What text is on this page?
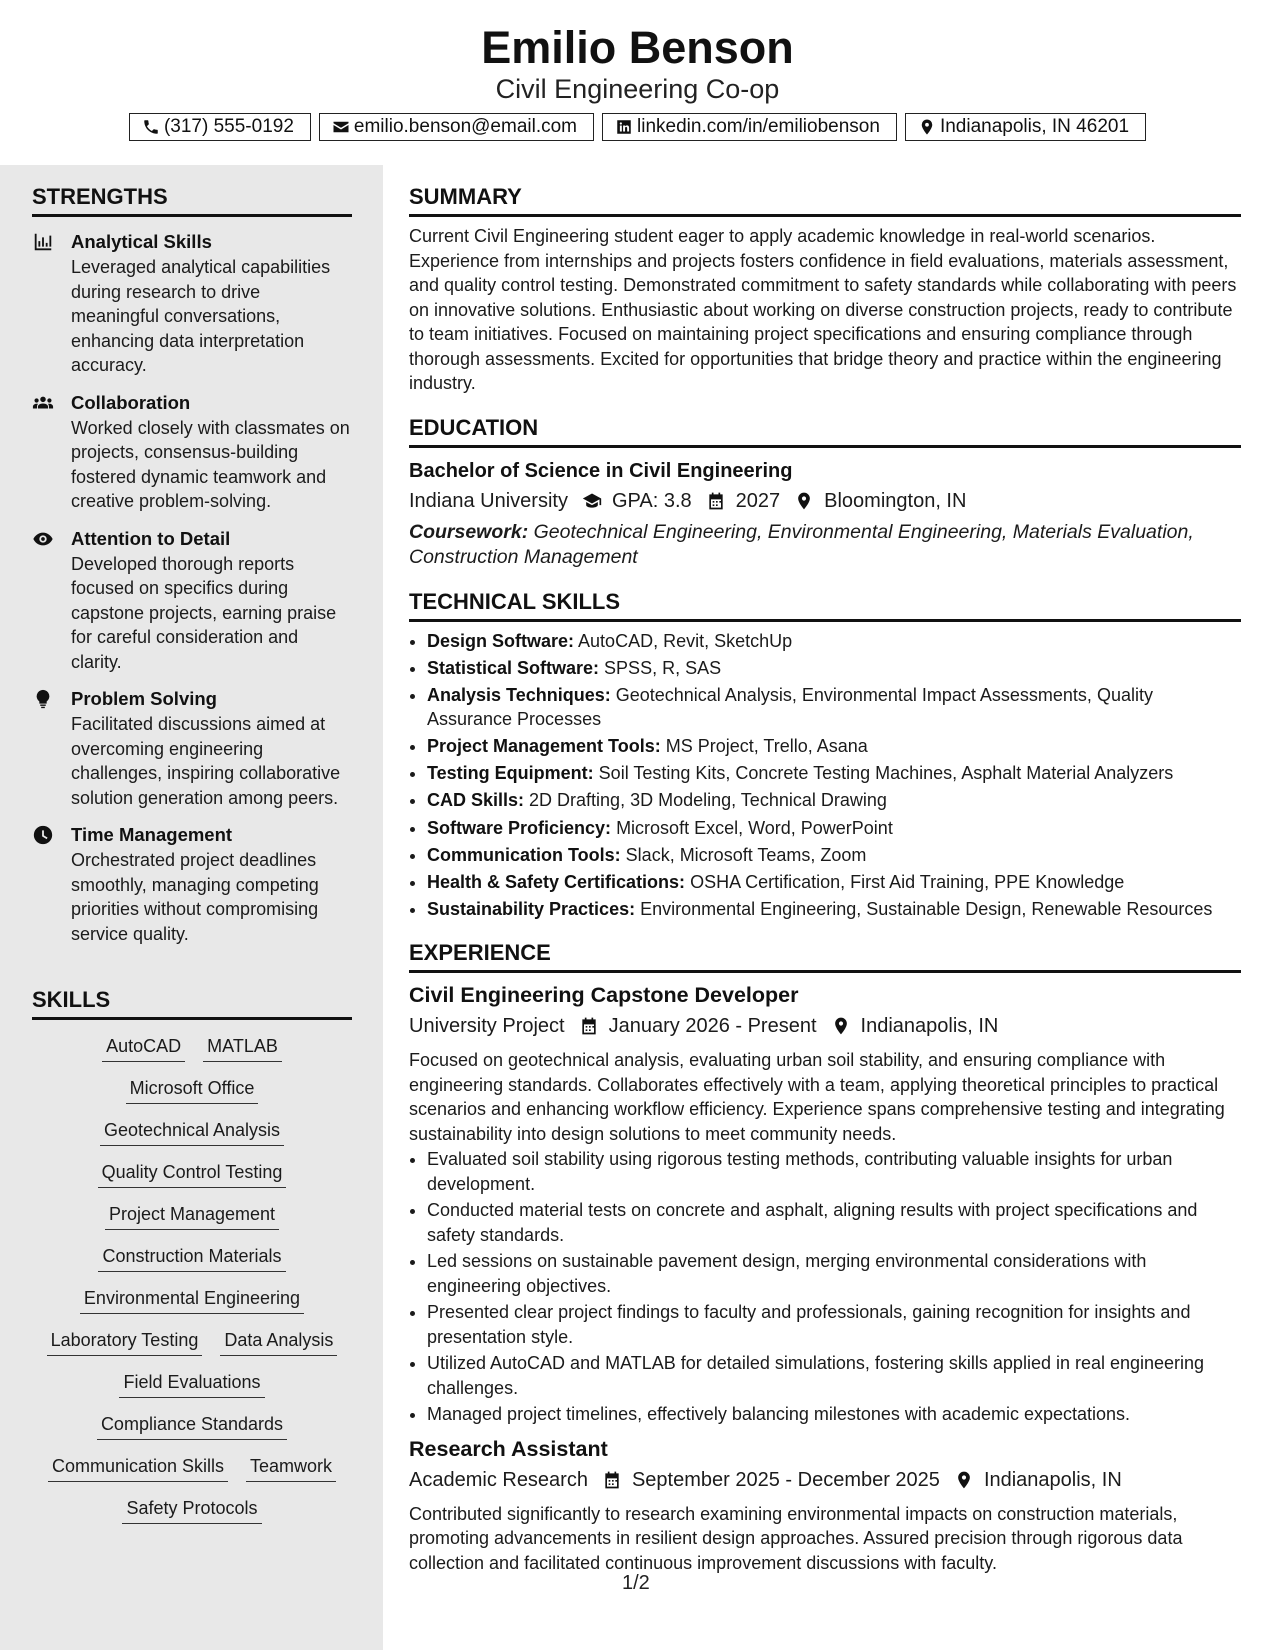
Emilio Benson
Civil Engineering Co-op
(317) 555-0192	emilio.benson@email.com	linkedin.com/in/emiliobenson	Indianapolis, IN 46201
STRENGTHS
Analytical Skills
Leveraged analytical capabilities during research to drive meaningful conversations, enhancing data interpretation accuracy.
Collaboration
Worked closely with classmates on projects, consensus-building fostered dynamic teamwork and creative problem-solving.
Attention to Detail
Developed thorough reports focused on specifics during capstone projects, earning praise for careful consideration and clarity.
Problem Solving
Facilitated discussions aimed at overcoming engineering challenges, inspiring collaborative solution generation among peers.
Time Management
Orchestrated project deadlines smoothly, managing competing priorities without compromising service quality.
SKILLS
AutoCAD MATLAB
Microsoft Office
Geotechnical Analysis
Quality Control Testing
Project Management
Construction Materials
Environmental Engineering
Laboratory Testing Data Analysis
Field Evaluations
Compliance Standards
Communication Skills Teamwork
Safety Protocols
SUMMARY
Current Civil Engineering student eager to apply academic knowledge in real-world scenarios. Experience from internships and projects fosters confidence in field evaluations, materials assessment, and quality control testing. Demonstrated commitment to safety standards while collaborating with peers on innovative solutions. Enthusiastic about working on diverse construction projects, ready to contribute to team initiatives. Focused on maintaining project specifications and ensuring compliance through thorough assessments. Excited for opportunities that bridge theory and practice within the engineering industry.
EDUCATION
Bachelor of Science in Civil Engineering
Indiana University GPA: 3.8 2027 Bloomington, IN
Coursework: Geotechnical Engineering, Environmental Engineering, Materials Evaluation, Construction Management
TECHNICAL SKILLS
• Design Software: AutoCAD, Revit, SketchUp
• Statistical Software: SPSS, R, SAS
• Analysis Techniques: Geotechnical Analysis, Environmental Impact Assessments, Quality Assurance Processes
• Project Management Tools: MS Project, Trello, Asana
• Testing Equipment: Soil Testing Kits, Concrete Testing Machines, Asphalt Material Analyzers
• CAD Skills: 2D Drafting, 3D Modeling, Technical Drawing
• Software Proficiency: Microsoft Excel, Word, PowerPoint
• Communication Tools: Slack, Microsoft Teams, Zoom
• Health & Safety Certifications: OSHA Certification, First Aid Training, PPE Knowledge
• Sustainability Practices: Environmental Engineering, Sustainable Design, Renewable Resources
EXPERIENCE
Civil Engineering Capstone Developer
University Project January 2026 - Present Indianapolis, IN
Focused on geotechnical analysis, evaluating urban soil stability, and ensuring compliance with engineering standards. Collaborates effectively with a team, applying theoretical principles to practical scenarios and enhancing workflow efficiency. Experience spans comprehensive testing and integrating sustainability into design solutions to meet community needs.
• Evaluated soil stability using rigorous testing methods, contributing valuable insights for urban development.
• Conducted material tests on concrete and asphalt, aligning results with project specifications and safety standards.
• Led sessions on sustainable pavement design, merging environmental considerations with engineering objectives.
• Presented clear project findings to faculty and professionals, gaining recognition for insights and presentation style.
• Utilized AutoCAD and MATLAB for detailed simulations, fostering skills applied in real engineering challenges.
• Managed project timelines, effectively balancing milestones with academic expectations.
Research Assistant
Academic Research September 2025 - December 2025 Indianapolis, IN
Contributed significantly to research examining environmental impacts on construction materials, promoting advancements in resilient design approaches. Assured precision through rigorous data collection and facilitated continuous improvement discussions with faculty.
1/2
